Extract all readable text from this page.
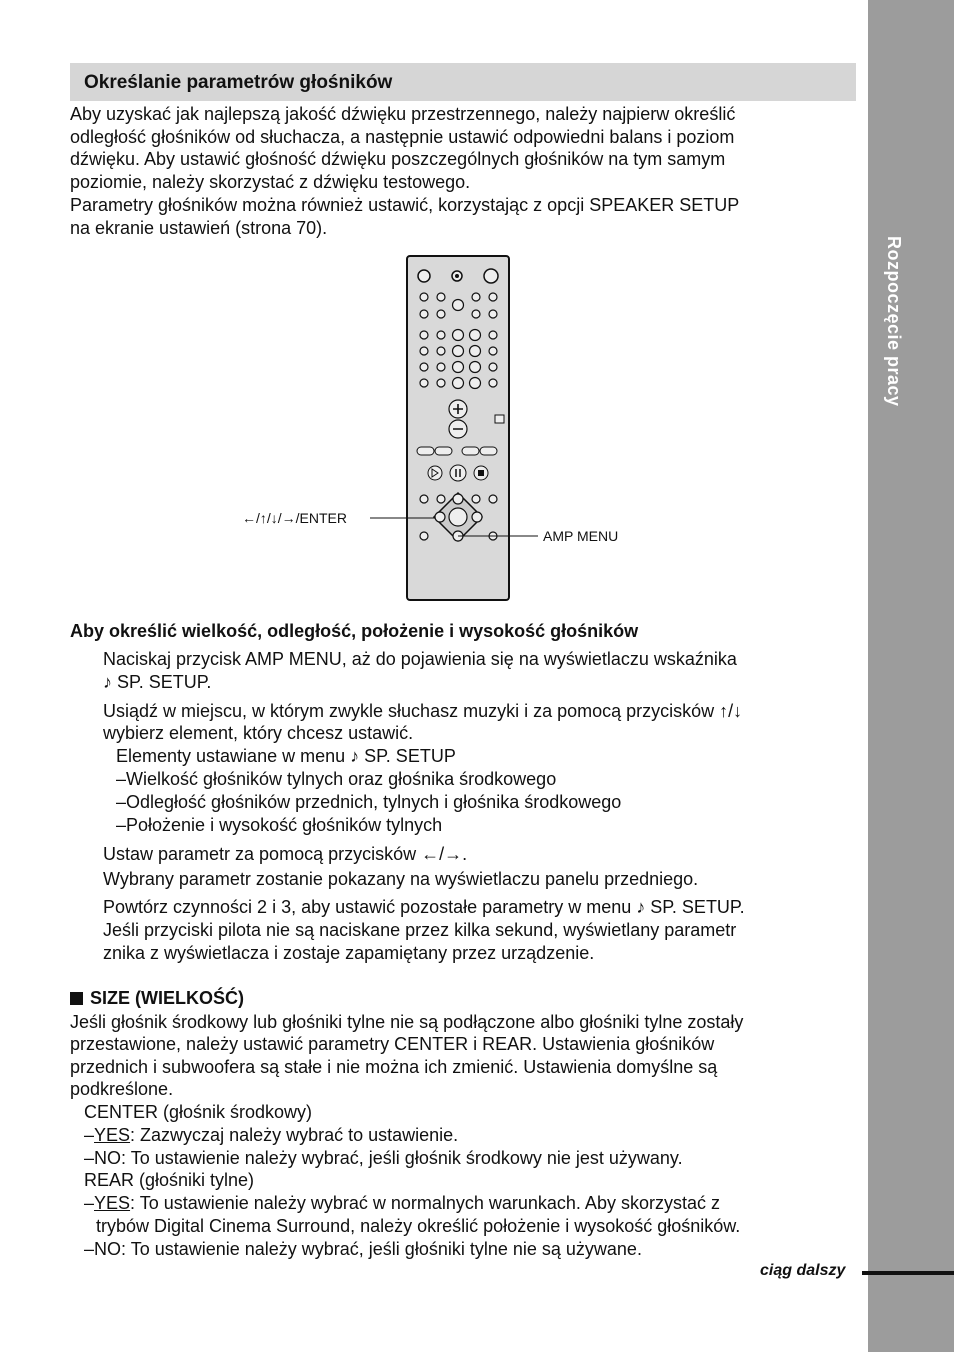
Rozpoczęcie pracy
Określanie parametrów głośników
Aby uzyskać jak najlepszą jakość dźwięku przestrzennego, należy najpierw określić
odległość głośników od słuchacza, a następnie ustawić odpowiedni balans i poziom
dźwięku. Aby ustawić głośność dźwięku poszczególnych głośników na tym samym
poziomie, należy skorzystać z dźwięku testowego.
Parametry głośników można również ustawić, korzystając z opcji SPEAKER SETUP
na ekranie ustawień (strona 70).
←/↑/↓/→/ENTER
AMP MENU
Aby określić wielkość, odległość, położenie i wysokość głośników
Naciskaj przycisk AMP MENU, aż do pojawienia się na wyświetlaczu wskaźnika
♪ SP. SETUP.
Usiądź w miejscu, w którym zwykle słuchasz muzyki i za pomocą przycisków ↑/↓
wybierz element, który chcesz ustawić.
Elementy ustawiane w menu ♪ SP. SETUP
–Wielkość głośników tylnych oraz głośnika środkowego
–Odległość głośników przednich, tylnych i głośnika środkowego
–Położenie i wysokość głośników tylnych
Ustaw parametr za pomocą przycisków ←/→.
Wybrany parametr zostanie pokazany na wyświetlaczu panelu przedniego.
Powtórz czynności 2 i 3, aby ustawić pozostałe parametry w menu ♪ SP. SETUP.
Jeśli przyciski pilota nie są naciskane przez kilka sekund, wyświetlany parametr
znika z wyświetlacza i zostaje zapamiętany przez urządzenie.
SIZE (WIELKOŚĆ)
Jeśli głośnik środkowy lub głośniki tylne nie są podłączone albo głośniki tylne zostały
przestawione, należy ustawić parametry CENTER i REAR. Ustawienia głośników
przednich i subwoofera są stałe i nie można ich zmienić. Ustawienia domyślne są
podkreślone.
CENTER (głośnik środkowy)
–YES: Zazwyczaj należy wybrać to ustawienie.
–NO: To ustawienie należy wybrać, jeśli głośnik środkowy nie jest używany.
REAR (głośniki tylne)
–YES: To ustawienie należy wybrać w normalnych warunkach. Aby skorzystać z
trybów Digital Cinema Surround, należy określić położenie i wysokość głośników.
–NO: To ustawienie należy wybrać, jeśli głośniki tylne nie są używane.
ciąg dalszy
